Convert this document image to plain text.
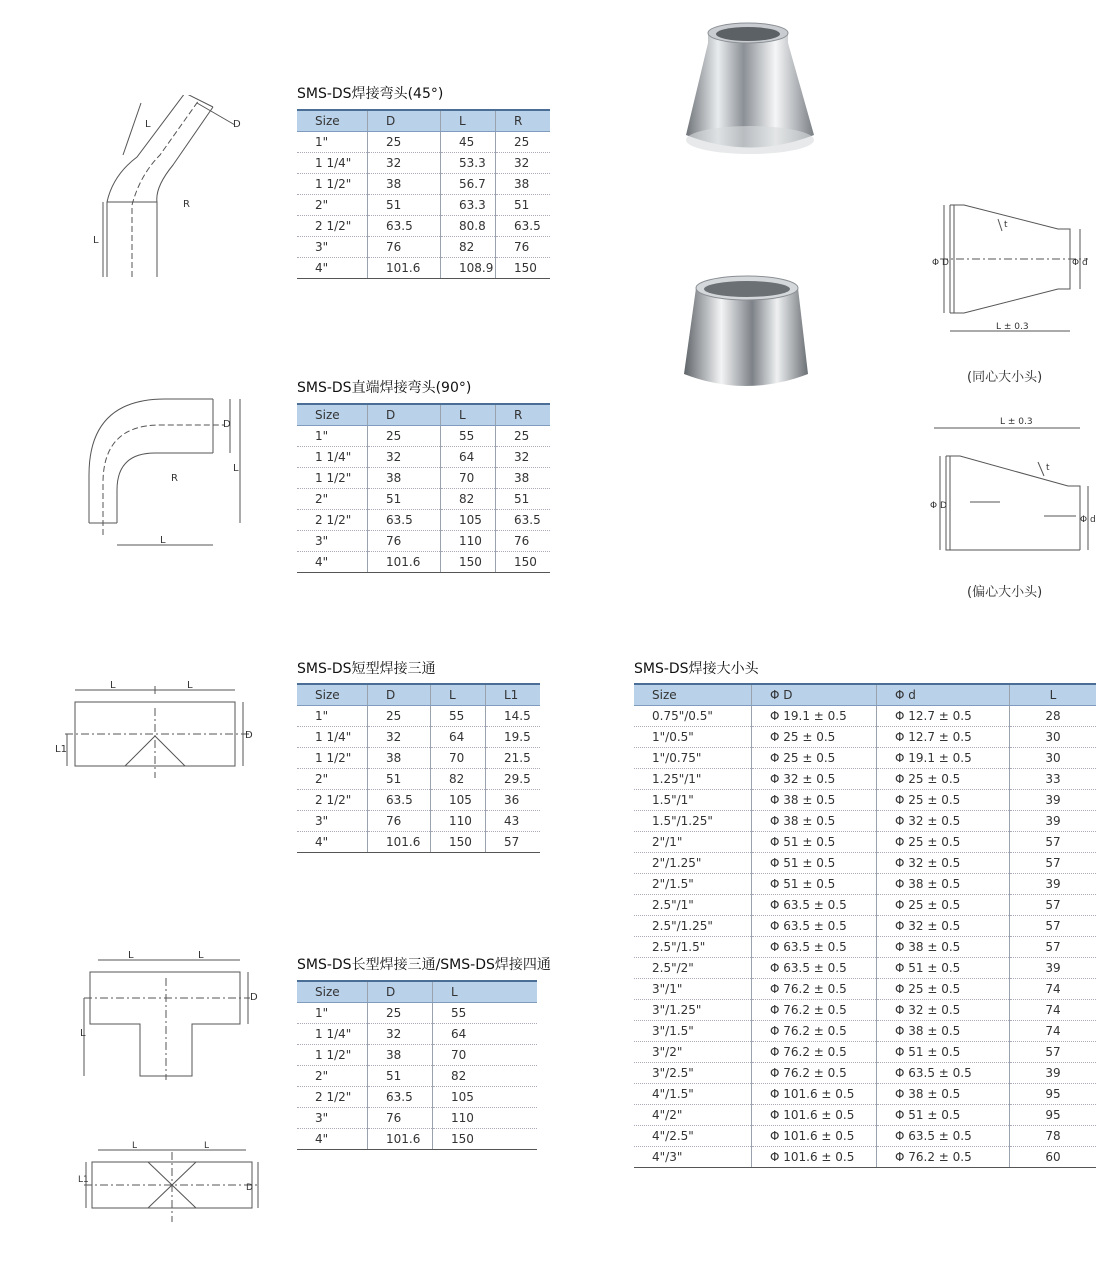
SMS-DS焊接弯头(45°)
SMS-DS直端焊接弯头(90°)
SMS-DS短型焊接三通
SMS-DS长型焊接三通/SMS-DS焊接四通
SMS-DS焊接大小头
Size	D	L	R
1"	25	45	25
1 1/4"	32	53.3	32
1 1/2"	38	56.7	38
2"	51	63.3	51
2 1/2"	63.5	80.8	63.5
3"	76	82	76
4"	101.6	108.9	150
Size	D	L	R
1"	25	55	25
1 1/4"	32	64	32
1 1/2"	38	70	38
2"	51	82	51
2 1/2"	63.5	105	63.5
3"	76	110	76
4"	101.6	150	150
Size	D	L	L1
1"	25	55	14.5
1 1/4"	32	64	19.5
1 1/2"	38	70	21.5
2"	51	82	29.5
2 1/2"	63.5	105	36
3"	76	110	43
4"	101.6	150	57
Size	D	L
1"	25	55
1 1/4"	32	64
1 1/2"	38	70
2"	51	82
2 1/2"	63.5	105
3"	76	110
4"	101.6	150
Size	Φ D	Φ d	L
0.75"/0.5"	Φ 19.1 ± 0.5	Φ 12.7 ± 0.5	28
1"/0.5"	Φ 25 ± 0.5	Φ 12.7 ± 0.5	30
1"/0.75"	Φ 25 ± 0.5	Φ 19.1 ± 0.5	30
1.25"/1"	Φ 32 ± 0.5	Φ 25 ± 0.5	33
1.5"/1"	Φ 38 ± 0.5	Φ 25 ± 0.5	39
1.5"/1.25"	Φ 38 ± 0.5	Φ 32 ± 0.5	39
2"/1"	Φ 51 ± 0.5	Φ 25 ± 0.5	57
2"/1.25"	Φ 51 ± 0.5	Φ 32 ± 0.5	57
2"/1.5"	Φ 51 ± 0.5	Φ 38 ± 0.5	39
2.5"/1"	Φ 63.5 ± 0.5	Φ 25 ± 0.5	57
2.5"/1.25"	Φ 63.5 ± 0.5	Φ 32 ± 0.5	57
2.5"/1.5"	Φ 63.5 ± 0.5	Φ 38 ± 0.5	57
2.5"/2"	Φ 63.5 ± 0.5	Φ 51 ± 0.5	39
3"/1"	Φ 76.2 ± 0.5	Φ 25 ± 0.5	74
3"/1.25"	Φ 76.2 ± 0.5	Φ 32 ± 0.5	74
3"/1.5"	Φ 76.2 ± 0.5	Φ 38 ± 0.5	74
3"/2"	Φ 76.2 ± 0.5	Φ 51 ± 0.5	57
3"/2.5"	Φ 76.2 ± 0.5	Φ 63.5 ± 0.5	39
4"/1.5"	Φ 101.6 ± 0.5	Φ 38 ± 0.5	95
4"/2"	Φ 101.6 ± 0.5	Φ 51 ± 0.5	95
4"/2.5"	Φ 101.6 ± 0.5	Φ 63.5 ± 0.5	78
4"/3"	Φ 101.6 ± 0.5	Φ 76.2 ± 0.5	60
L
L	D
R
L
L
D
R
L	L
D
L1
L	L
D
L
L	L
D
L1
Φ D	Φ d
L ± 0.3
t
(同心大小头)
L ± 0.3
Φ D
Φ d
t
(偏心大小头)
